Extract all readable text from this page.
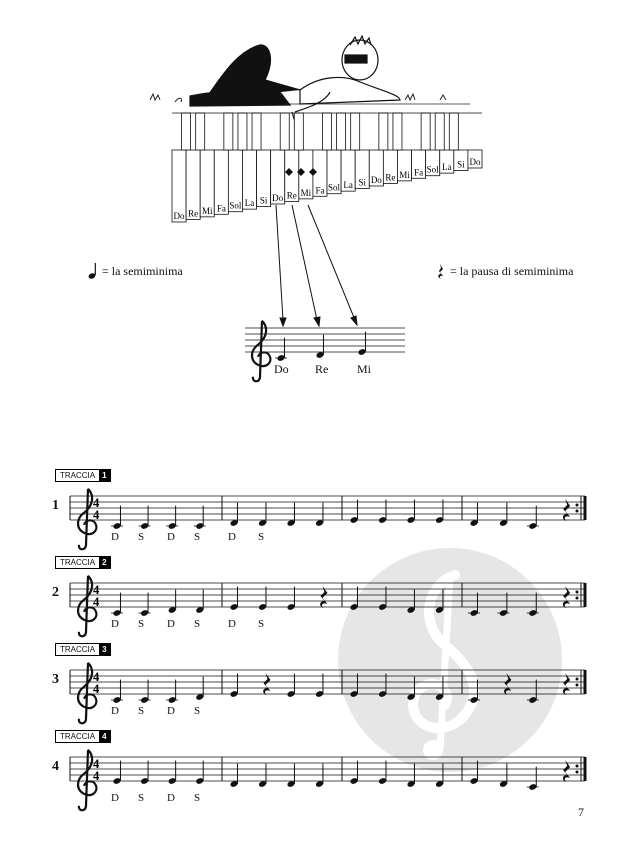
Do Re Mi Fa Sol La Si Do Re Mi Fa Sol La Si Do Re Mi Fa Sol La Si Do
= la semiminima	= la pausa di semiminima
Do Re Mi
4
4
4
4
4
4
4
4
TRACCIA 1
1
D S D S	D S
TRACCIA 2
2
D S D S	D S
TRACCIA 3
3
D S D S
TRACCIA 4
4
D S D S
7
